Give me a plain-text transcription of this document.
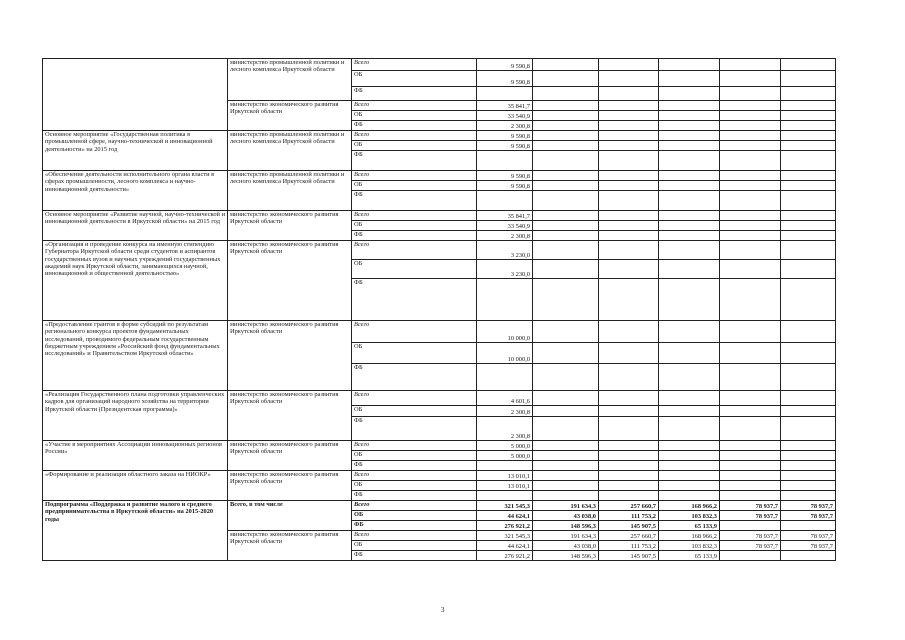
	министерство промышленной политики и лесного комплекса Иркутской области	Всего	9 590,8					
		ОБ	9 590,8					
		ФБ						
	министерство экономического развития Иркутской области	Всего	35 841,7					
		ОБ	33 540,9					
		ФБ	2 300,8					
Основное мероприятие «Государственная политика в промышленной сфере, научно-технической и инновационной деятельности» на 2015 год	министерство промышленной политики и лесного комплекса Иркутской области	Всего	9 590,8					
		ОБ	9 590,8					
		ФБ						
«Обеспечение деятельности исполнительного органа власти в сферах промышленности, лесного комплекса и научно-инновационной деятельности»	министерство промышленной политики и лесного комплекса Иркутской области	Всего	9 590,8					
		ОБ	9 590,8					
		ФБ						
Основное мероприятие «Развитие научной, научно-технической и инновационной деятельности в Иркутской области» на 2015 год	министерство экономического развития Иркутской области	Всего	35 841,7					
		ОБ	33 540,9					
		ФБ	2 300,8					
«Организация и проведение конкурса на именную стипендию Губернатора Иркутской области среди студентов и аспирантов государственных вузов и научных учреждений государственных академий наук Иркутской области, занимающихся научной, инновационной и общественной деятельностью»	министерство экономического развития Иркутской области	Всего	3 230,0					
		ОБ	3 230,0					
		ФБ						
«Предоставление грантов в форме субсидий по результатам регионального конкурса проектов фундаментальных исследований, проводимого федеральным государственным бюджетным учреждением «Российский фонд фундаментальных исследований» и Правительством Иркутской области»	министерство экономического развития Иркутской области	Всего	10 000,0					
		ОБ	10 000,0					
		ФБ						
«Реализация Государственного плана подготовки управленческих кадров для организаций народного хозяйства на территории Иркутской области (Президентская программа)»	министерство экономического развития Иркутской области	Всего	4 601,6					
		ОБ	2 300,8					
		ФБ	2 300,8					
«Участие в мероприятиях Ассоциации инновационных регионов России»	министерство экономического развития Иркутской области	Всего	5 000,0					
		ОБ	5 000,0					
		ФБ						
«Формирование и реализация областного заказа на НИОКР»	министерство экономического развития Иркутской области	Всего	13 010,1					
		ОБ	13 010,1					
		ФБ						
Подпрограмма «Поддержка и развитие малого и среднего предпринимательства в Иркутской области» на 2015-2020 годы	Всего, в том числе	Всего	321 545,3	191 634,3	257 660,7	168 966,2	78 937,7	78 937,7
		ОБ	44 624,1	43 038,0	111 753,2	103 832,3	78 937,7	78 937,7
		ФБ	276 921,2	148 596,3	145 907,5	65 133,9		
	министерство экономического развития Иркутской области	Всего	321 545,3	191 634,3	257 660,7	168 966,2	78 937,7	78 937,7
		ОБ	44 624,1	43 038,0	111 753,2	103 832,3	78 937,7	78 937,7
		ФБ	276 921,2	148 596,3	145 907,5	65 133,9		
3
